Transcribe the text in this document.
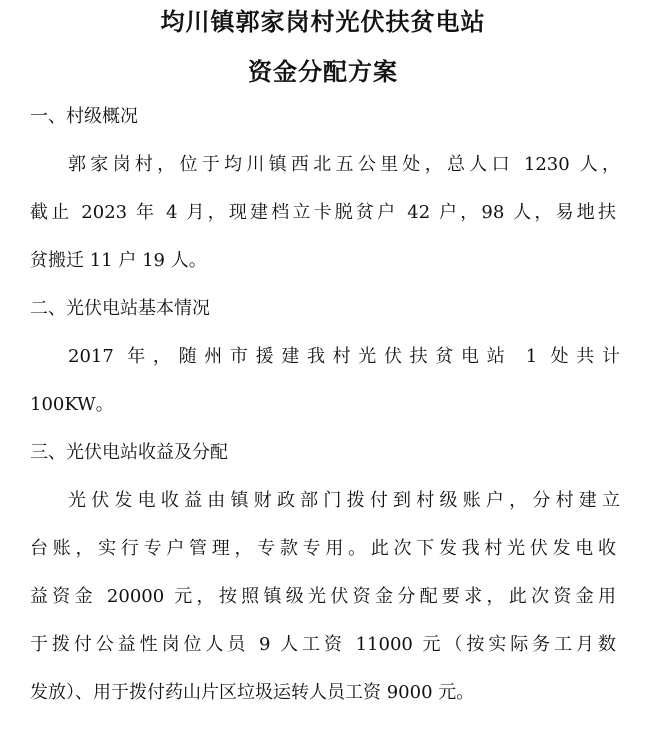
均川镇郭家岗村光伏扶贫电站
资金分配方案
一、村级概况
郭家岗村，位于均川镇西北五公里处，总人口 1230 人，
截止 2023 年 4 月，现建档立卡脱贫户 42 户，98 人，易地扶
贫搬迁 11 户 19 人。
二、光伏电站基本情况
2017 年，随州市援建我村光伏扶贫电站 1 处共计
100KW。
三、光伏电站收益及分配
光伏发电收益由镇财政部门拨付到村级账户，分村建立
台账，实行专户管理，专款专用。此次下发我村光伏发电收
益资金 20000 元，按照镇级光伏资金分配要求，此次资金用
于拨付公益性岗位人员 9 人工资 11000 元（按实际务工月数
发放）、用于拨付药山片区垃圾运转人员工资 9000 元。
